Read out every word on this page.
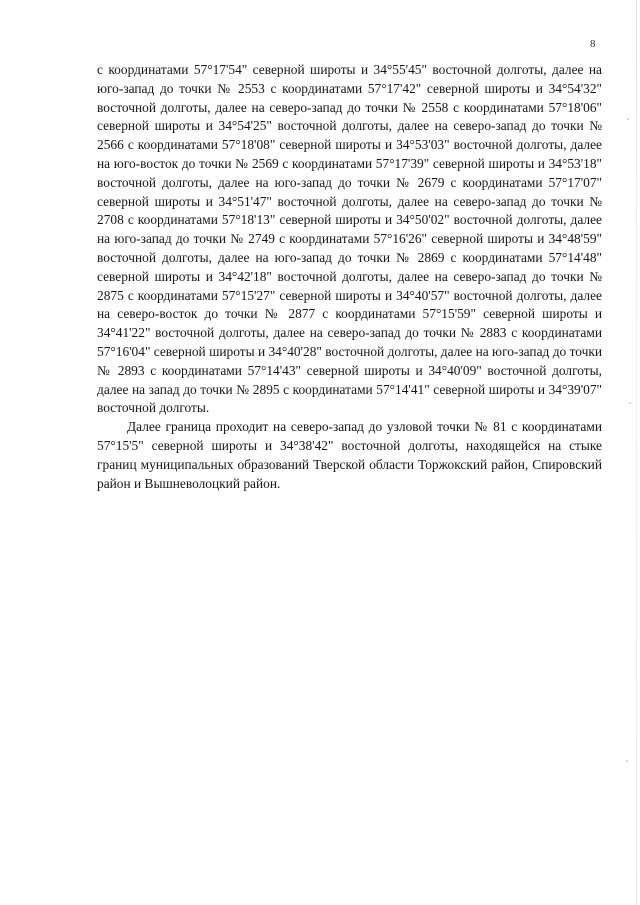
8

с координатами 57°17'54" северной широты и 34°55'45" восточной долготы, далее на юго-запад до точки № 2553 с координатами 57°17'42" северной широты и 34°54'32" восточной долготы, далее на северо-запад до точки № 2558 с координатами 57°18'06" северной широты и 34°54'25" восточной долготы, далее на северо-запад до точки № 2566 с координатами 57°18'08" северной широты и 34°53'03" восточной долготы, далее на юго-восток до точки № 2569 с координатами 57°17'39" северной широты и 34°53'18" восточной долготы, далее на юго-запад до точки № 2679 с координатами 57°17'07" северной широты и 34°51'47" восточной долготы, далее на северо-запад до точки № 2708 с координатами 57°18'13" северной широты и 34°50'02" восточной долготы, далее на юго-запад до точки № 2749 с координатами 57°16'26" северной широты и 34°48'59" восточной долготы, далее на юго-запад до точки № 2869 с координатами 57°14'48" северной широты и 34°42'18" восточной долготы, далее на северо-запад до точки № 2875 с координатами 57°15'27" северной широты и 34°40'57" восточной долготы, далее на северо-восток до точки № 2877 с координатами 57°15'59" северной широты и 34°41'22" восточной долготы, далее на северо-запад до точки № 2883 с координатами 57°16'04" северной широты и 34°40'28" восточной долготы, далее на юго-запад до точки № 2893 с координатами 57°14'43" северной широты и 34°40'09" восточной долготы, далее на запад до точки № 2895 с координатами 57°14'41" северной широты и 34°39'07" восточной долготы.

Далее граница проходит на северо-запад до узловой точки № 81 с координатами 57°15'5" северной широты и 34°38'42" восточной долготы, находящейся на стыке границ муниципальных образований Тверской области Торжокский район, Спировский район и Вышневолоцкий район.
